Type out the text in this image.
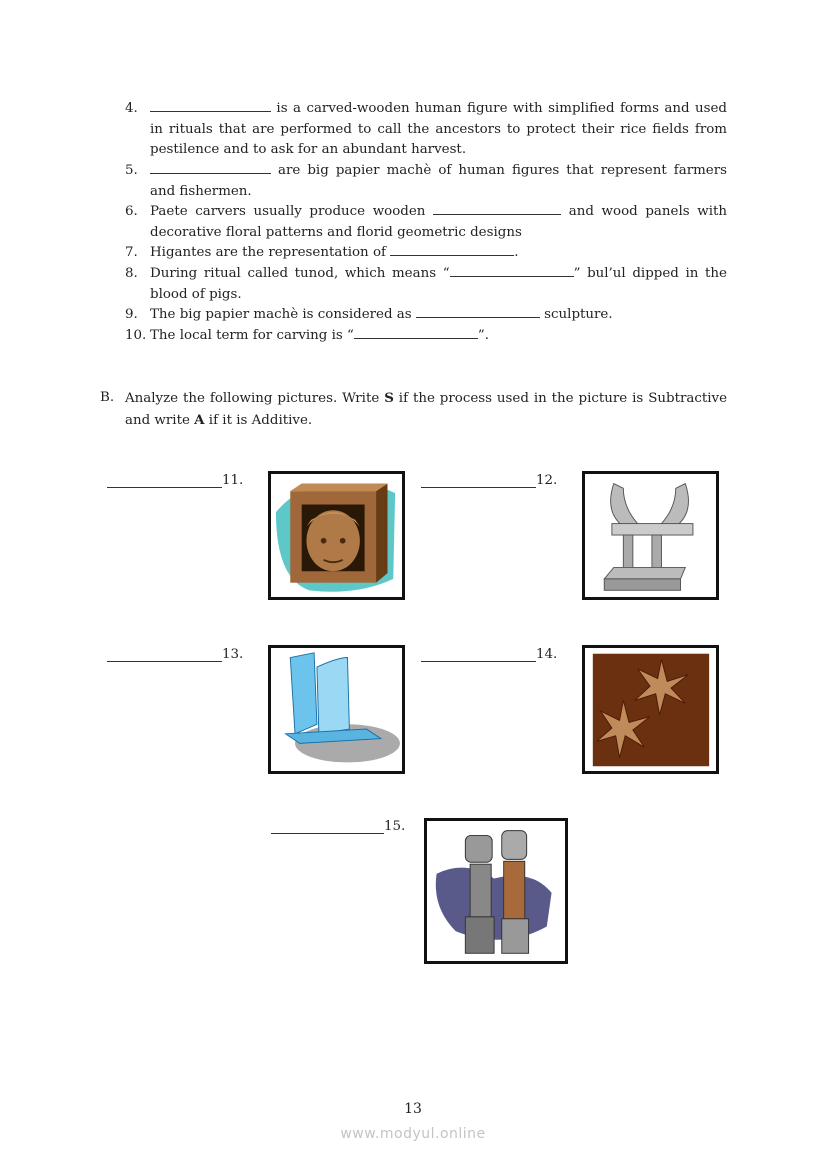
4.	is a carved-wooden human figure with simplified forms and used in rituals that are performed to call the ancestors to protect their rice fields from pestilence and to ask for an abundant harvest.
5.	are big papier machè of human figures that represent farmers and fishermen.
6. Paete carvers usually produce wooden	and wood panels with decorative floral patterns and florid geometric designs
7. Higantes are the representation of	.
8. During ritual called tunod, which means “	” bul’ul dipped in the blood of pigs.
9. The big papier machè is considered as	sculpture.
10. The local term for carving is “	”.
B. Analyze the following pictures. Write S if the process used in the picture is Subtractive and write A if it is Additive.
11.	12.
13.	14.
15.
13
www.modyul.online
